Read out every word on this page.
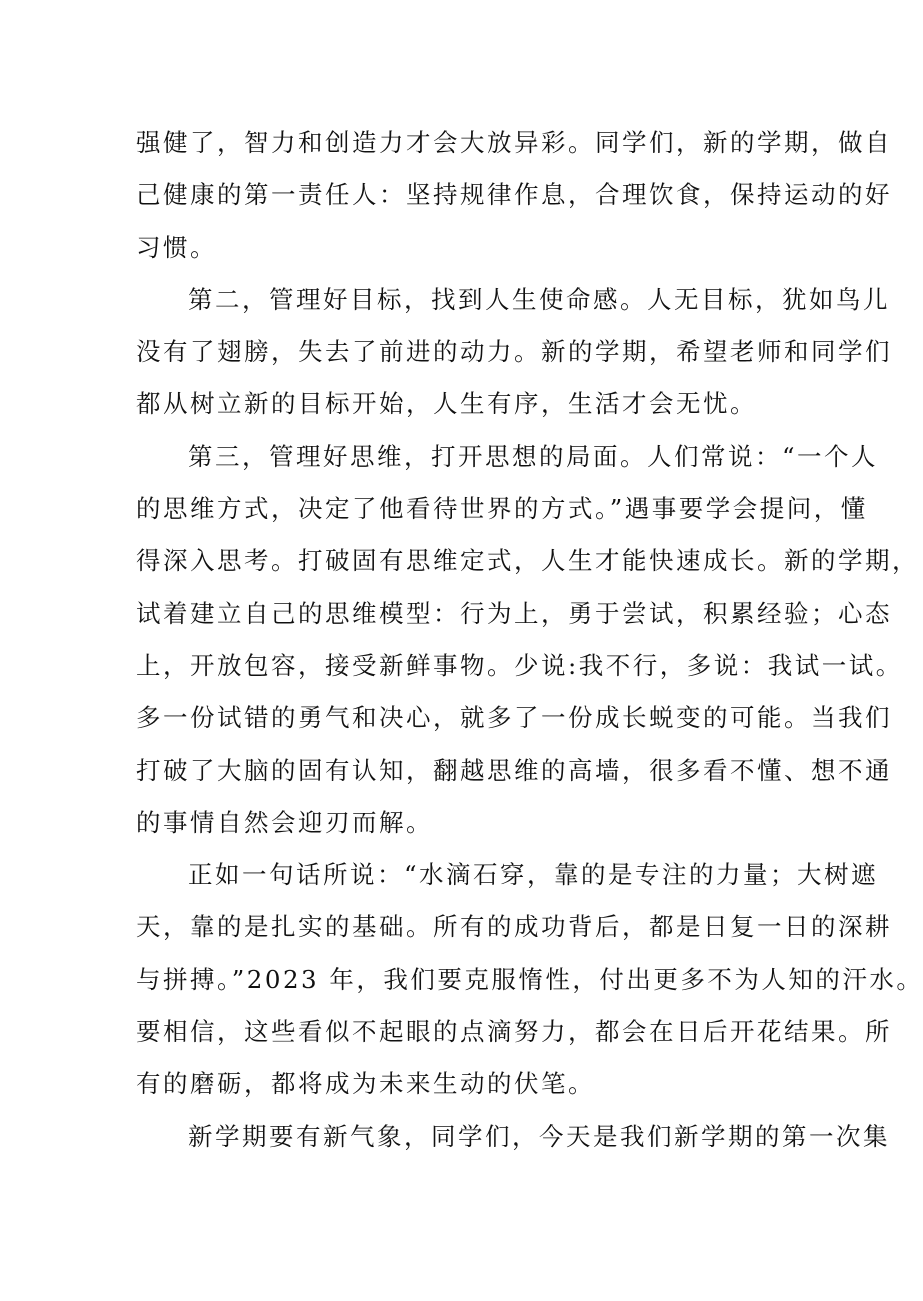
强健了，智力和创造力才会大放异彩。同学们，新的学期，做自
己健康的第一责任人：坚持规律作息，合理饮食，保持运动的好
习惯。
第二，管理好目标，找到人生使命感。人无目标，犹如鸟儿
没有了翅膀，失去了前进的动力。新的学期，希望老师和同学们
都从树立新的目标开始，人生有序，生活才会无忧。
第三，管理好思维，打开思想的局面。人们常说：“一个人
的思维方式，决定了他看待世界的方式。”遇事要学会提问，懂
得深入思考。打破固有思维定式，人生才能快速成长。新的学期，
试着建立自己的思维模型：行为上，勇于尝试，积累经验；心态
上，开放包容，接受新鲜事物。少说:我不行，多说：我试一试。
多一份试错的勇气和决心，就多了一份成长蜕变的可能。当我们
打破了大脑的固有认知，翻越思维的高墙，很多看不懂、想不通
的事情自然会迎刃而解。
正如一句话所说：“水滴石穿，靠的是专注的力量；大树遮
天，靠的是扎实的基础。所有的成功背后，都是日复一日的深耕
与拼搏。”2023 年，我们要克服惰性，付出更多不为人知的汗水。
要相信，这些看似不起眼的点滴努力，都会在日后开花结果。所
有的磨砺，都将成为未来生动的伏笔。
新学期要有新气象，同学们，今天是我们新学期的第一次集
